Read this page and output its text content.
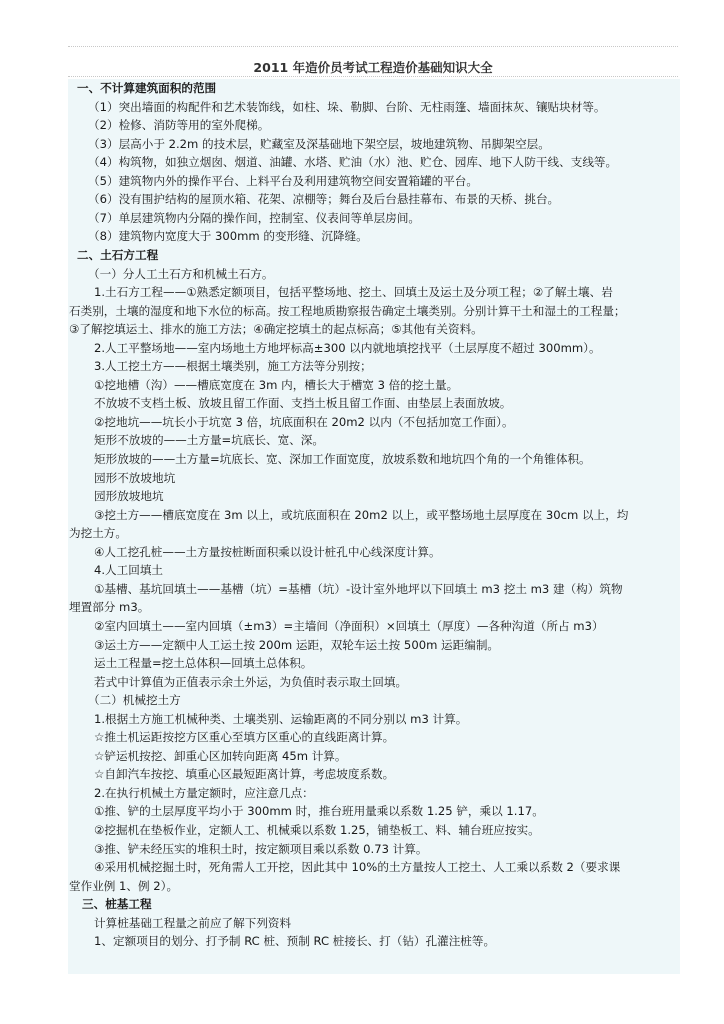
2011 年造价员考试工程造价基础知识大全
一、不计算建筑面积的范围
（1）突出墙面的构配件和艺术装饰线，如柱、垛、勒脚、台阶、无柱雨篷、墙面抹灰、镶贴块材等。
（2）检修、消防等用的室外爬梯。
（3）层高小于 2.2m 的技术层，贮藏室及深基础地下架空层，坡地建筑物、吊脚架空层。
（4）构筑物，如独立烟囱、烟道、油罐、水塔、贮油（水）池、贮仓、园库、地下人防干线、支线等。
（5）建筑物内外的操作平台、上料平台及利用建筑物空间安置箱罐的平台。
（6）没有围护结构的屋顶水箱、花架、凉棚等；舞台及后台悬挂幕布、布景的天桥、挑台。
（7）单层建筑物内分隔的操作间，控制室、仪表间等单层房间。
（8）建筑物内宽度大于 300mm 的变形缝、沉降缝。
二、土石方工程
（一）分人工土石方和机械土石方。
1.土石方工程——①熟悉定额项目，包括平整场地、挖土、回填土及运土及分项工程；②了解土壤、岩
石类别，土壤的湿度和地下水位的标高。按工程地质勘察报告确定土壤类别。分别计算干土和湿土的工程量；
③了解挖填运土、排水的施工方法；④确定挖填土的起点标高；⑤其他有关资料。
2.人工平整场地——室内场地土方地坪标高±300 以内就地填挖找平（土层厚度不超过 300mm）。
3.人工挖土方——根据土壤类别，施工方法等分别按；
①挖地槽（沟）——槽底宽度在 3m 内，槽长大于槽宽 3 倍的挖土量。
不放坡不支档土板、放坡且留工作面、支挡土板且留工作面、由垫层上表面放坡。
②挖地坑——坑长小于坑宽 3 倍，坑底面积在 20m2 以内（不包括加宽工作面）。
矩形不放坡的——土方量=坑底长、宽、深。
矩形放坡的——土方量=坑底长、宽、深加工作面宽度，放坡系数和地坑四个角的一个角锥体积。
园形不放坡地坑
园形放坡地坑
③挖土方——槽底宽度在 3m 以上，或坑底面积在 20m2 以上，或平整场地土层厚度在 30cm 以上，均
为挖土方。
④人工挖孔桩——土方量按桩断面积乘以设计桩孔中心线深度计算。
4.人工回填土
①基槽、基坑回填土——基槽（坑）=基槽（坑）-设计室外地坪以下回填土 m3 挖土 m3 建（构）筑物
埋置部分 m3。
②室内回填土——室内回填（±m3）=主墙间（净面积）×回填土（厚度）—各种沟道（所占 m3）
③运土方——定额中人工运土按 200m 运距，双轮车运土按 500m 运距编制。
运土工程量=挖土总体积—回填土总体积。
若式中计算值为正值表示余土外运，为负值时表示取土回填。
（二）机械挖土方
1.根据土方施工机械种类、土壤类别、运输距离的不同分别以 m3 计算。
☆推土机运距按挖方区重心至填方区重心的直线距离计算。
☆铲运机按挖、卸重心区加转向距离 45m 计算。
☆自卸汽车按挖、填重心区最短距离计算，考虑坡度系数。
2.在执行机械土方量定额时，应注意几点：
①推、铲的土层厚度平均小于 300mm 时，推台班用量乘以系数 1.25 铲，乘以 1.17。
②挖掘机在垫板作业，定额人工、机械乘以系数 1.25，铺垫板工、料、辅台班应按实。
③推、铲未经压实的堆积土时，按定额项目乘以系数 0.73 计算。
④采用机械挖掘土时，死角需人工开挖，因此其中 10%的土方量按人工挖土、人工乘以系数 2（要求课
堂作业例 1、例 2）。
三、桩基工程
计算桩基础工程量之前应了解下列资料
1、定额项目的划分、打予制 RC 桩、预制 RC 桩接长、打（钻）孔灌注桩等。
